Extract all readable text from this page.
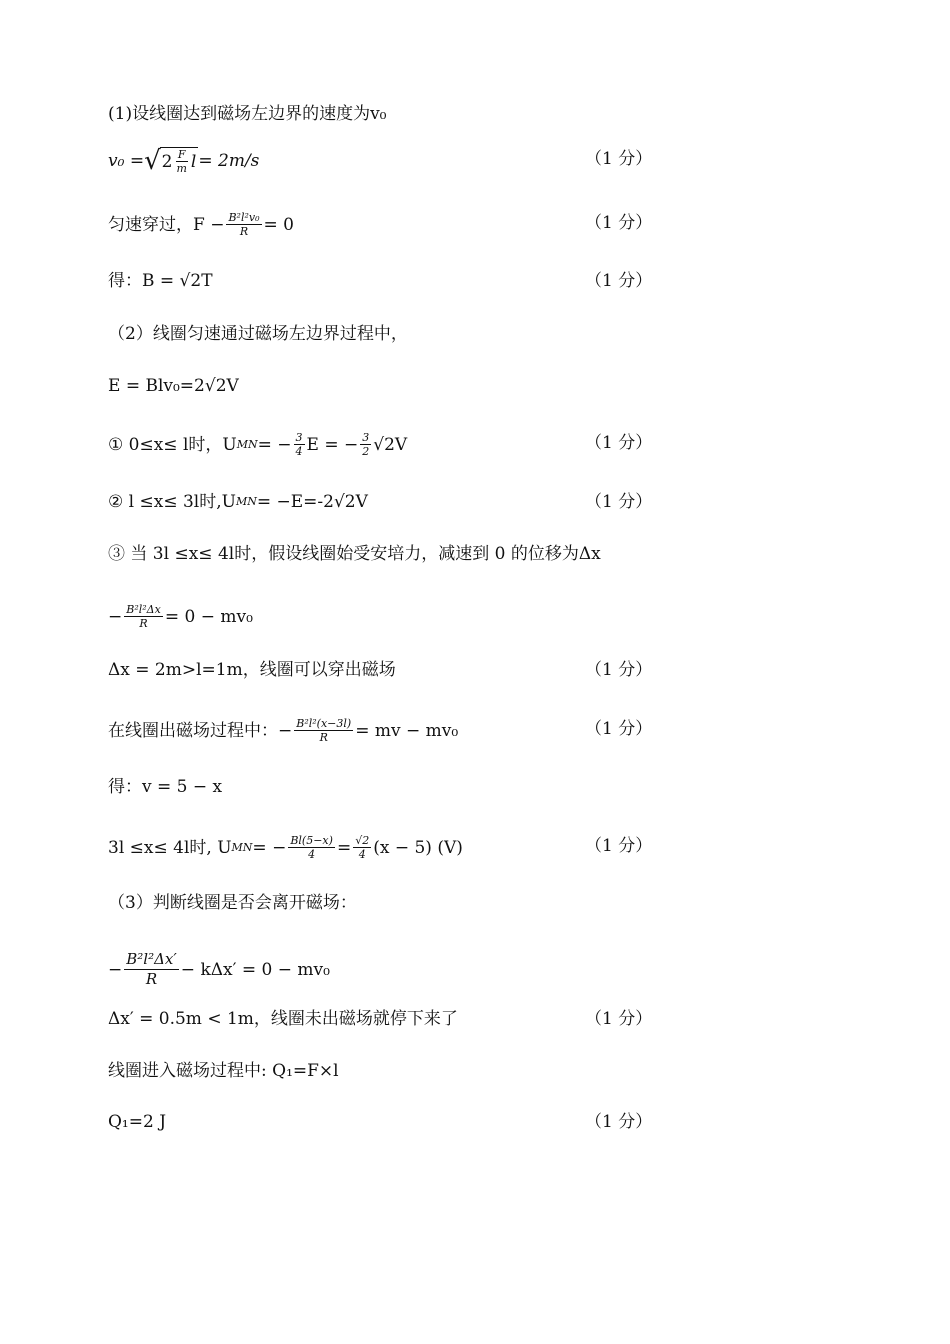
(1)设线圈达到磁场左边界的速度为v₀
v₀ = √ $2 \frac{F}{m}$ l = 2m/s	（1 分）
匀速穿过，$F - \frac{\text{B²l²v₀}}{R} = 0$	（1 分）
得：B = √2T	（1 分）
（2）线圈匀速通过磁场左边界过程中，
E = Blv₀=2√2V
① 0≤x≤ l时，U MN = − $\frac{3}{4}$ E = − $\frac{3}{2} √2V$	（1 分）
② l ≤x≤ 3l时,U MN = −E=-2√2V	（1 分）
③ 当 3l ≤x≤ 4l时，假设线圈始受安培力，减速到 0 的位移为Δx
− $\frac{\text{B²l²Δx}}{R} = 0 - mv_0$
Δx = 2m>l=1m，线圈可以穿出磁场	（1 分）
在线圈出磁场过程中：− $\frac{\text{B²l²(x−3l)}}{R}$ = mv − mv₀	（1 分）
得：v = 5 − x
3l ≤x≤ 4l时, U MN = − $\frac{Bl(5-x)}{4} = \frac{√2}{4} (x - 5)$ (V)	（1 分）
（3）判断线圈是否会离开磁场：
− $\frac{\text{B²l²Δx′}}{R} - k\Delta x' = 0 - mv_0$
Δx′ = 0.5m < 1m，线圈未出磁场就停下来了	（1 分）
线圈进入磁场过程中: Q₁=F×l
Q₁=2 J	（1 分）
